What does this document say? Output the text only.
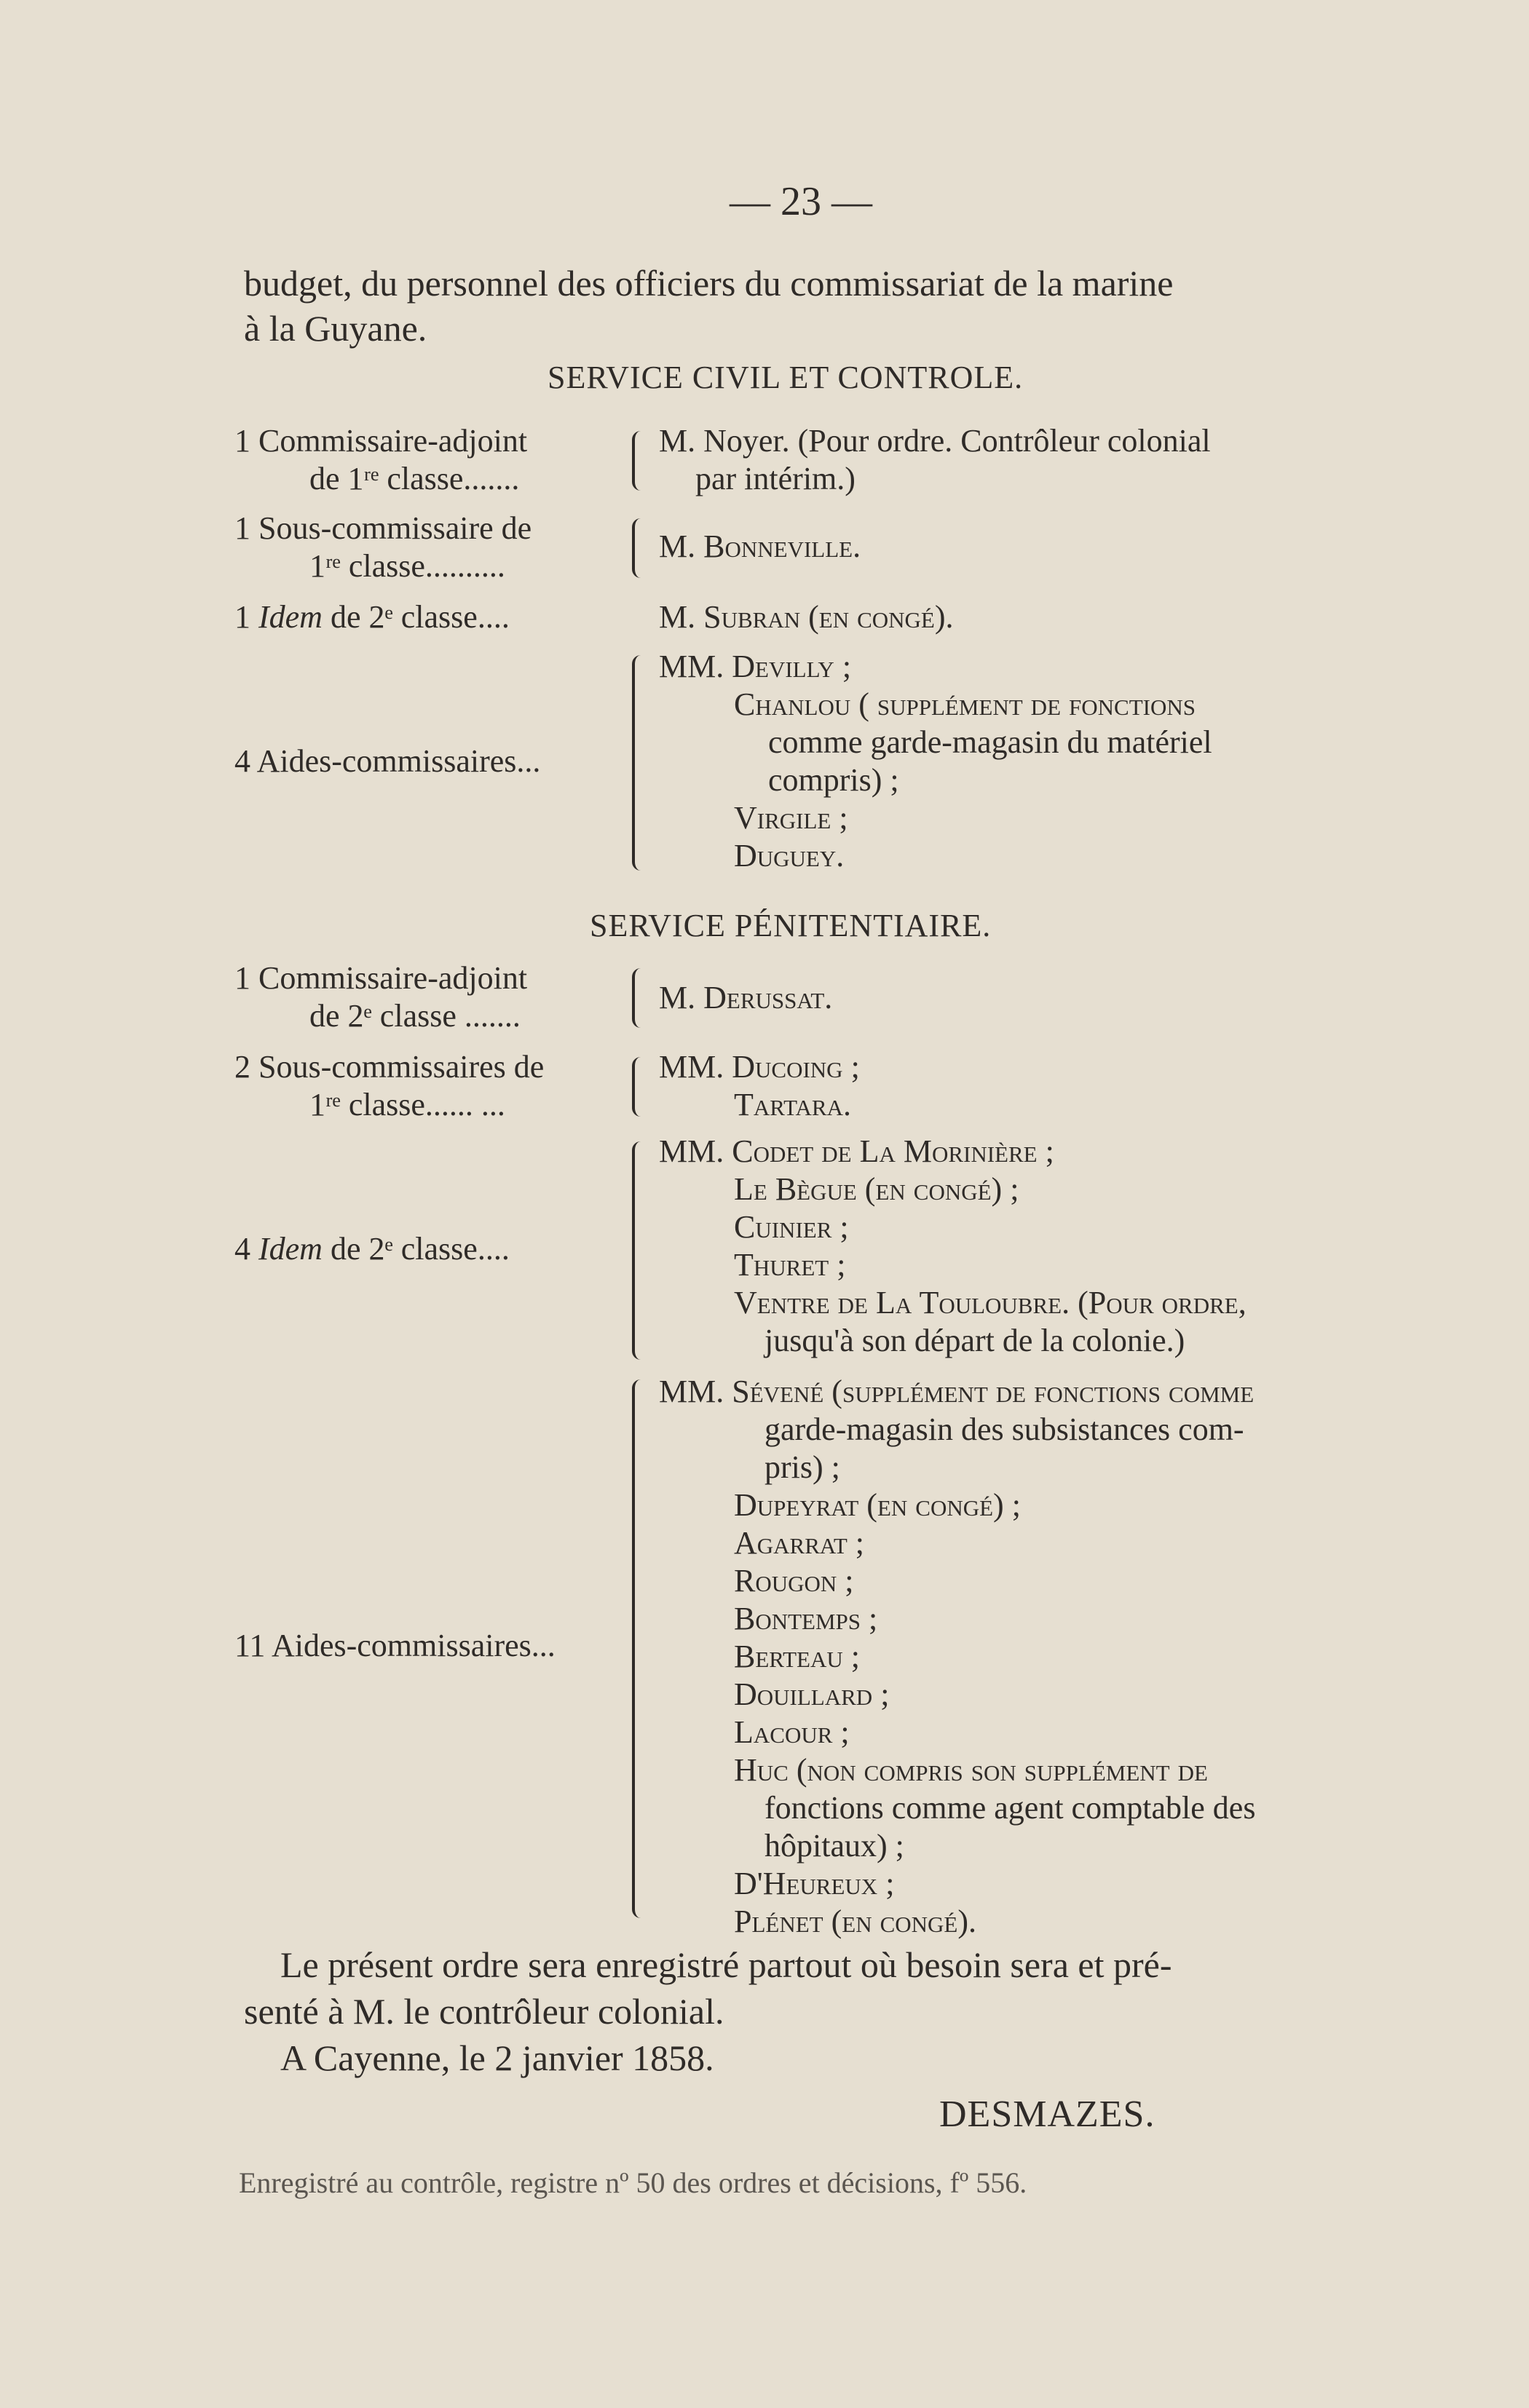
— 23 —
budget, du personnel des officiers du commissariat de la marine
à la Guyane.
SERVICE CIVIL ET CONTROLE.
1 Commissaire-adjoint
de 1ʳᵉ classe.......
M. Noyer. (Pour ordre. Contrôleur colonial
par intérim.)
1 Sous-commissaire de
1ʳᵉ classe..........
M. Bonneville.
1 Idem de 2ᵉ classe....	M. Subran (en congé).
4 Aides-commissaires...
MM. Devilly ;
Chanlou ( supplément de fonctions
comme garde-magasin du matériel
compris) ;
Virgile ;
Duguey.
SERVICE PÉNITENTIAIRE.
1 Commissaire-adjoint
de 2ᵉ classe .......
M. Derussat.
2 Sous-commissaires de
1ʳᵉ classe...... ...
MM. Ducoing ;
Tartara.
4 Idem de 2ᵉ classe....
MM. Codet de La Morinière ;
Le Bègue (en congé) ;
Cuinier ;
Thuret ;
Ventre de La Touloubre. (Pour ordre,
jusqu'à son départ de la colonie.)
11 Aides-commissaires...
MM. Sévené (supplément de fonctions comme
garde-magasin des subsistances com-
pris) ;
Dupeyrat (en congé) ;
Agarrat ;
Rougon ;
Bontemps ;
Berteau ;
Douillard ;
Lacour ;
Huc (non compris son supplément de
fonctions comme agent comptable des
hôpitaux) ;
D'Heureux ;
Plénet (en congé).
Le présent ordre sera enregistré partout où besoin sera et pré-
senté à M. le contrôleur colonial.
A Cayenne, le 2 janvier 1858.
DESMAZES.
Enregistré au contrôle, registre nº 50 des ordres et décisions, fº 556.
